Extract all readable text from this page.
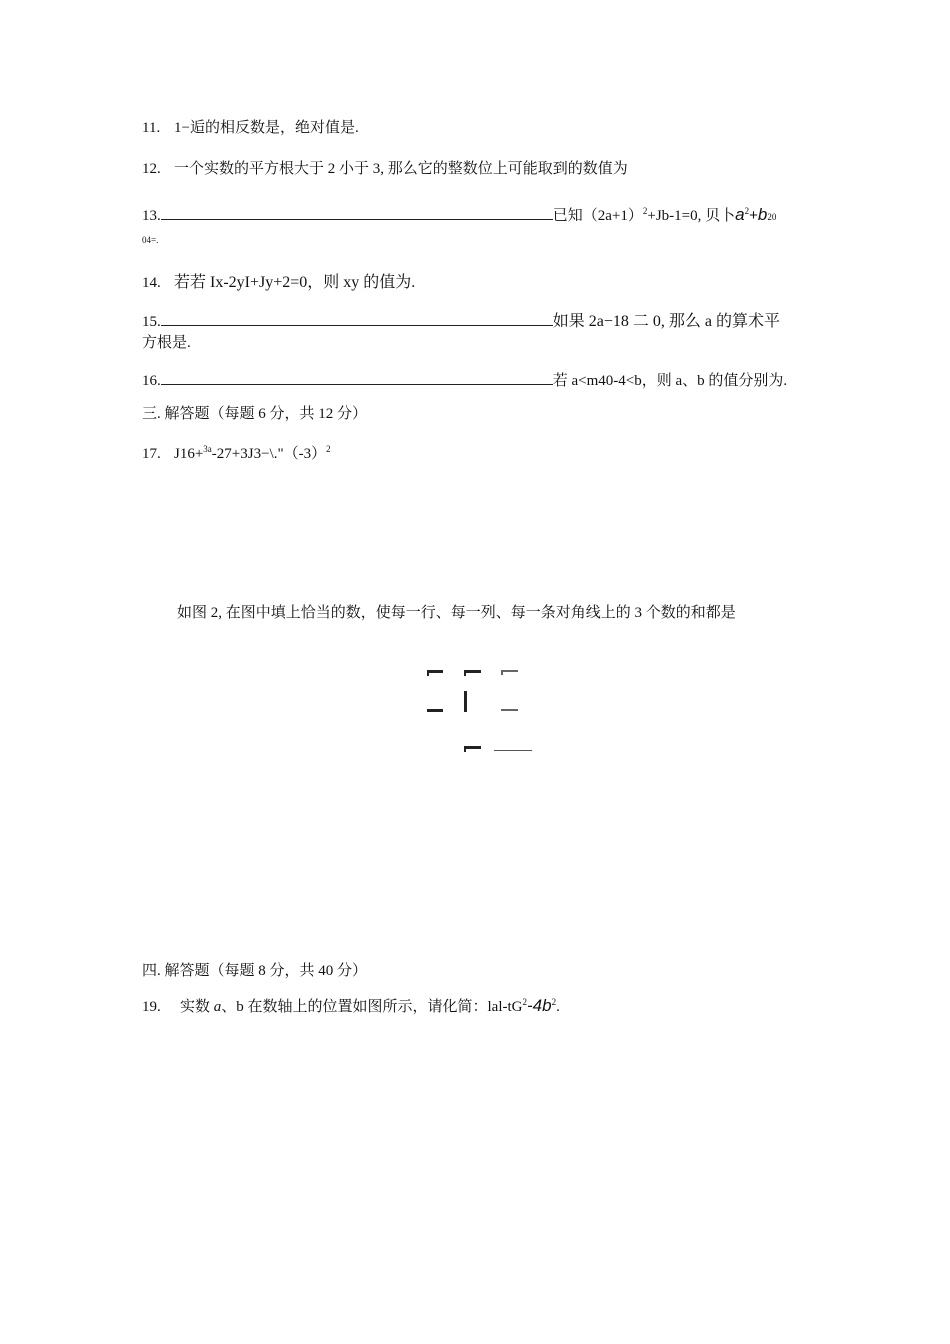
11. 1−逅的相反数是，绝对值是.
12. 一个实数的平方根大于 2 小于 3, 那么它的整数位上可能取到的数值为
13.	已知$(2a+1)^2+Jb-1=0$, 贝卜$a^2+b20$
04=.
14. 若若 Ix-2yI+Jy+2=0，则 xy 的值为.
15.	如果 2a−18 二 0, 那么 a 的算术平
方根是.
16.	若 a<m40-4<b，则 a、b 的值分别为.
三. 解答题（每题 6 分，共 12 分）
17. $J16+^{3a}-27+3J3-\backslash."(-3)^2$
如图 2, 在图中填上恰当的数，使每一行、每一列、每一条对角线上的 3 个数的和都是
四. 解答题（每题 8 分，共 40 分）
19. 实数 a、b 在数轴上的位置如图所示，请化简：lal-$tG^2-4b^2$.
